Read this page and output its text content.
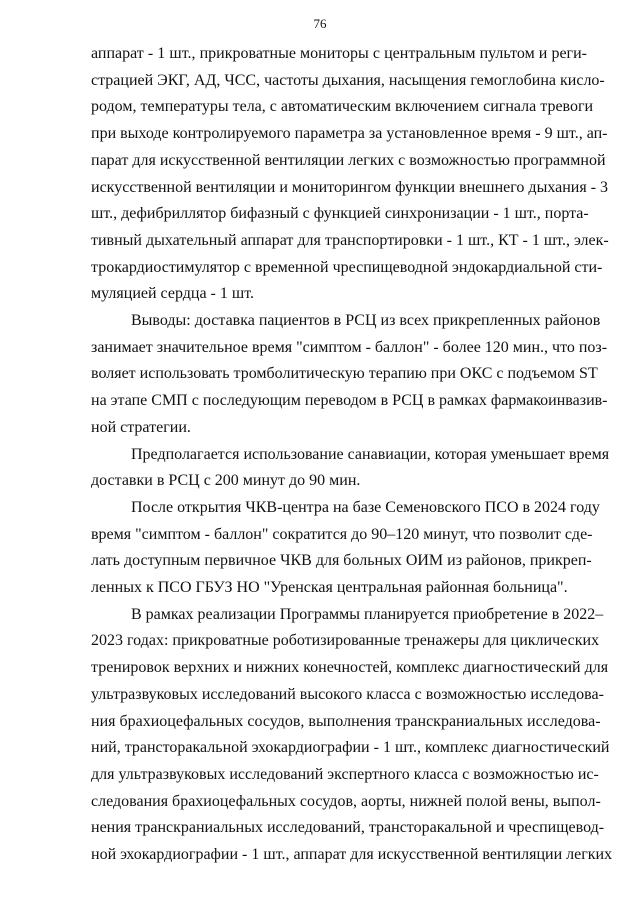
76
аппарат - 1 шт., прикроватные мониторы с центральным пультом и реги-
страцией ЭКГ, АД, ЧСС, частоты дыхания, насыщения гемоглобина кисло-
родом, температуры тела, с автоматическим включением сигнала тревоги
при выходе контролируемого параметра за установленное время - 9 шт., ап-
парат для искусственной вентиляции легких с возможностью программной
искусственной вентиляции и мониторингом функции внешнего дыхания - 3
шт., дефибриллятор бифазный с функцией синхронизации - 1 шт., порта-
тивный дыхательный аппарат для транспортировки - 1 шт., КТ - 1 шт., элек-
трокардиостимулятор с временной чреспищеводной эндокардиальной сти-
муляцией сердца - 1 шт.
Выводы: доставка пациентов в РСЦ из всех прикрепленных районов
занимает значительное время "симптом - баллон" - более 120 мин., что поз-
воляет использовать тромболитическую терапию при ОКС с подъемом ST
на этапе СМП с последующим переводом в РСЦ в рамках фармакоинвазив-
ной стратегии.
Предполагается использование санавиации, которая уменьшает время
доставки в РСЦ с 200 минут до 90 мин.
После открытия ЧКВ-центра на базе Семеновского ПСО в 2024 году
время "симптом - баллон" сократится до 90–120 минут, что позволит сде-
лать доступным первичное ЧКВ для больных ОИМ из районов, прикреп-
ленных к ПСО ГБУЗ НО "Уренская центральная районная больница".
В рамках реализации Программы планируется приобретение в 2022–
2023 годах: прикроватные роботизированные тренажеры для циклических
тренировок верхних и нижних конечностей, комплекс диагностический для
ультразвуковых исследований высокого класса с возможностью исследова-
ния брахиоцефальных сосудов, выполнения транскраниальных исследова-
ний, трансторакальной эхокардиографии - 1 шт., комплекс диагностический
для ультразвуковых исследований экспертного класса с возможностью ис-
следования брахиоцефальных сосудов, аорты, нижней полой вены, выпол-
нения транскраниальных исследований, трансторакальной и чреспищевод-
ной эхокардиографии - 1 шт., аппарат для искусственной вентиляции легких
